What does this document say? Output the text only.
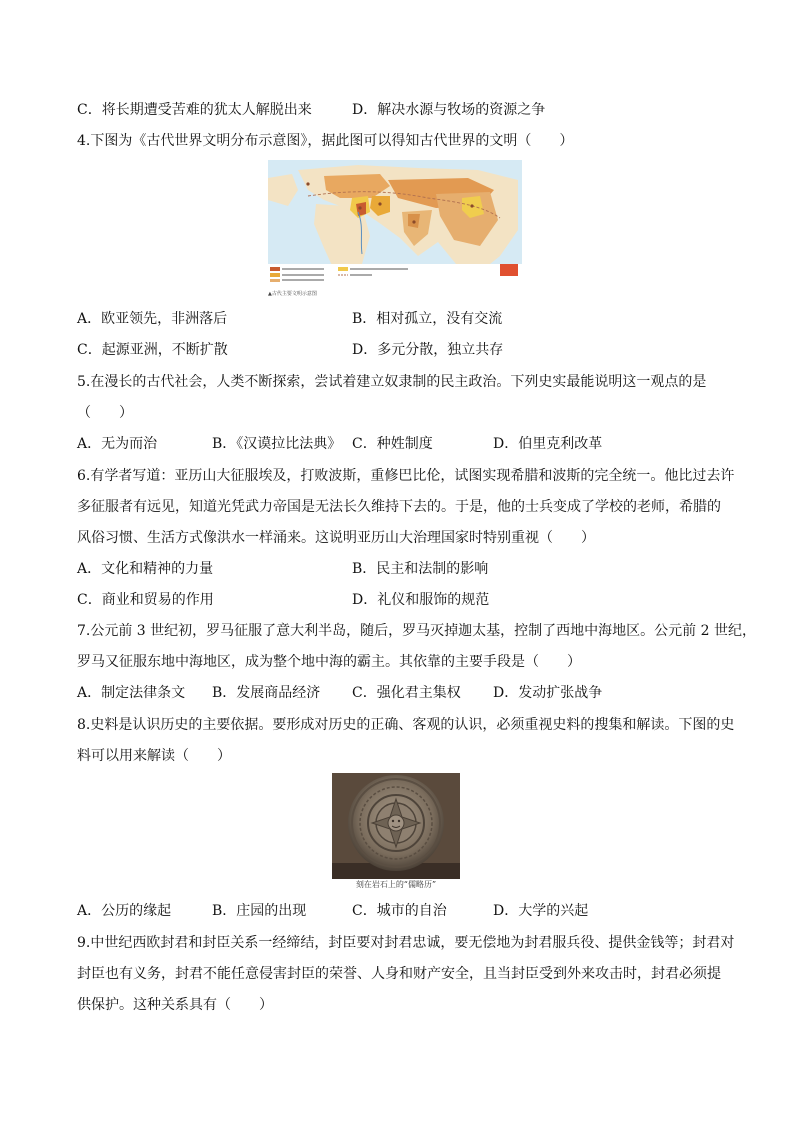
C．将长期遭受苦难的犹太人解脱出来	D．解决水源与牧场的资源之争
4.下图为《古代世界文明分布示意图》，据此图可以得知古代世界的文明（　　）
▲古代主要文明示意图
A．欧亚领先，非洲落后	B．相对孤立，没有交流
C．起源亚洲，不断扩散	D．多元分散，独立共存
5.在漫长的古代社会，人类不断探索，尝试着建立奴隶制的民主政治。下列史实最能说明这一观点的是
（　　）
A．无为而治	B．《汉谟拉比法典》 C．种姓制度	D．伯里克利改革
6.有学者写道：亚历山大征服埃及，打败波斯，重修巴比伦，试图实现希腊和波斯的完全统一。他比过去许
多征服者有远见，知道光凭武力帝国是无法长久维持下去的。于是，他的士兵变成了学校的老师，希腊的
风俗习惯、生活方式像洪水一样涌来。这说明亚历山大治理国家时特别重视（　　）
A．文化和精神的力量	B．民主和法制的影响
C．商业和贸易的作用	D．礼仪和服饰的规范
7.公元前 3 世纪初，罗马征服了意大利半岛，随后，罗马灭掉迦太基，控制了西地中海地区。公元前 2 世纪，
罗马又征服东地中海地区，成为整个地中海的霸主。其依靠的主要手段是（　　）
A．制定法律条文 B．发展商品经济 C．强化君主集权 D．发动扩张战争
8.史料是认识历史的主要依据。要形成对历史的正确、客观的认识，必须重视史料的搜集和解读。下图的史
料可以用来解读（　　）
刻在岩石上的“儒略历”
A．公历的缘起	B．庄园的出现	C．城市的自治	D．大学的兴起
9.中世纪西欧封君和封臣关系一经缔结，封臣要对封君忠诚，要无偿地为封君服兵役、提供金钱等；封君对
封臣也有义务，封君不能任意侵害封臣的荣誉、人身和财产安全，且当封臣受到外来攻击时，封君必须提
供保护。这种关系具有（　　）
